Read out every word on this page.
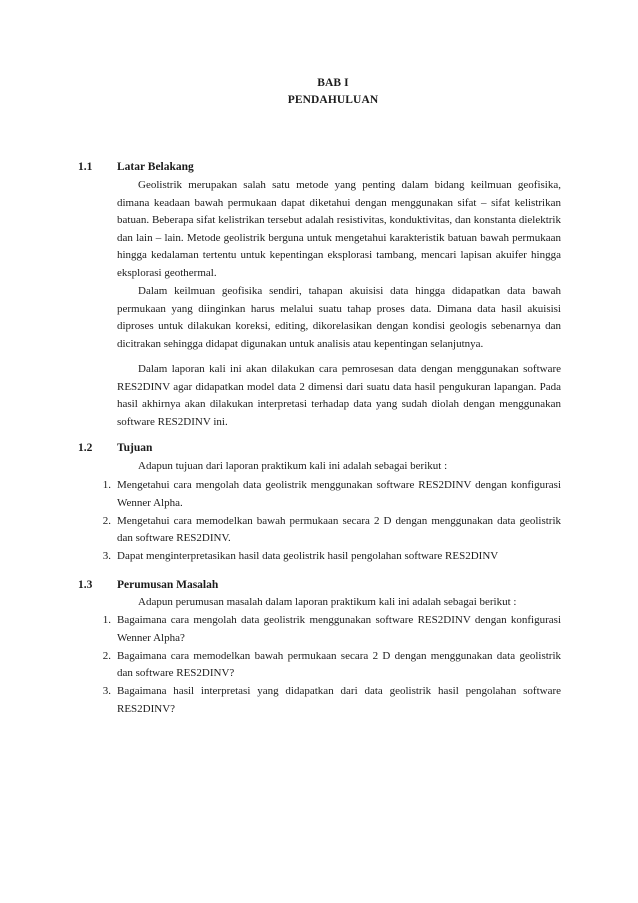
BAB I
PENDAHULUAN
1.1 Latar Belakang

Geolistrik merupakan salah satu metode yang penting dalam bidang keilmuan geofisika, dimana keadaan bawah permukaan dapat diketahui dengan menggunakan sifat – sifat kelistrikan batuan. Beberapa sifat kelistrikan tersebut adalah resistivitas, konduktivitas, dan konstanta dielektrik dan lain – lain. Metode geolistrik berguna untuk mengetahui karakteristik batuan bawah permukaan hingga kedalaman tertentu untuk kepentingan eksplorasi tambang, mencari lapisan akuifer hingga eksplorasi geothermal.

Dalam keilmuan geofisika sendiri, tahapan akuisisi data hingga didapatkan data bawah permukaan yang diinginkan harus melalui suatu tahap proses data. Dimana data hasil akuisisi diproses untuk dilakukan koreksi, editing, dikorelasikan dengan kondisi geologis sebenarnya dan dicitrakan sehingga didapat digunakan untuk analisis atau kepentingan selanjutnya.

Dalam laporan kali ini akan dilakukan cara pemrosesan data dengan menggunakan software RES2DINV agar didapatkan model data 2 dimensi dari suatu data hasil pengukuran lapangan. Pada hasil akhirnya akan dilakukan interpretasi terhadap data yang sudah diolah dengan menggunakan software RES2DINV ini.

1.2 Tujuan

Adapun tujuan dari laporan praktikum kali ini adalah sebagai berikut :

1. Mengetahui cara mengolah data geolistrik menggunakan software RES2DINV dengan konfigurasi Wenner Alpha.
2. Mengetahui cara memodelkan bawah permukaan secara 2 D dengan menggunakan data geolistrik dan software RES2DINV.
3. Dapat menginterpretasikan hasil data geolistrik hasil pengolahan software RES2DINV
1.3 Perumusan Masalah

Adapun perumusan masalah dalam laporan praktikum kali ini adalah sebagai berikut :

1. Bagaimana cara mengolah data geolistrik menggunakan software RES2DINV dengan konfigurasi Wenner Alpha?
2. Bagaimana cara memodelkan bawah permukaan secara 2 D dengan menggunakan data geolistrik dan software RES2DINV?
3. Bagaimana hasil interpretasi yang didapatkan dari data geolistrik hasil pengolahan software RES2DINV?
